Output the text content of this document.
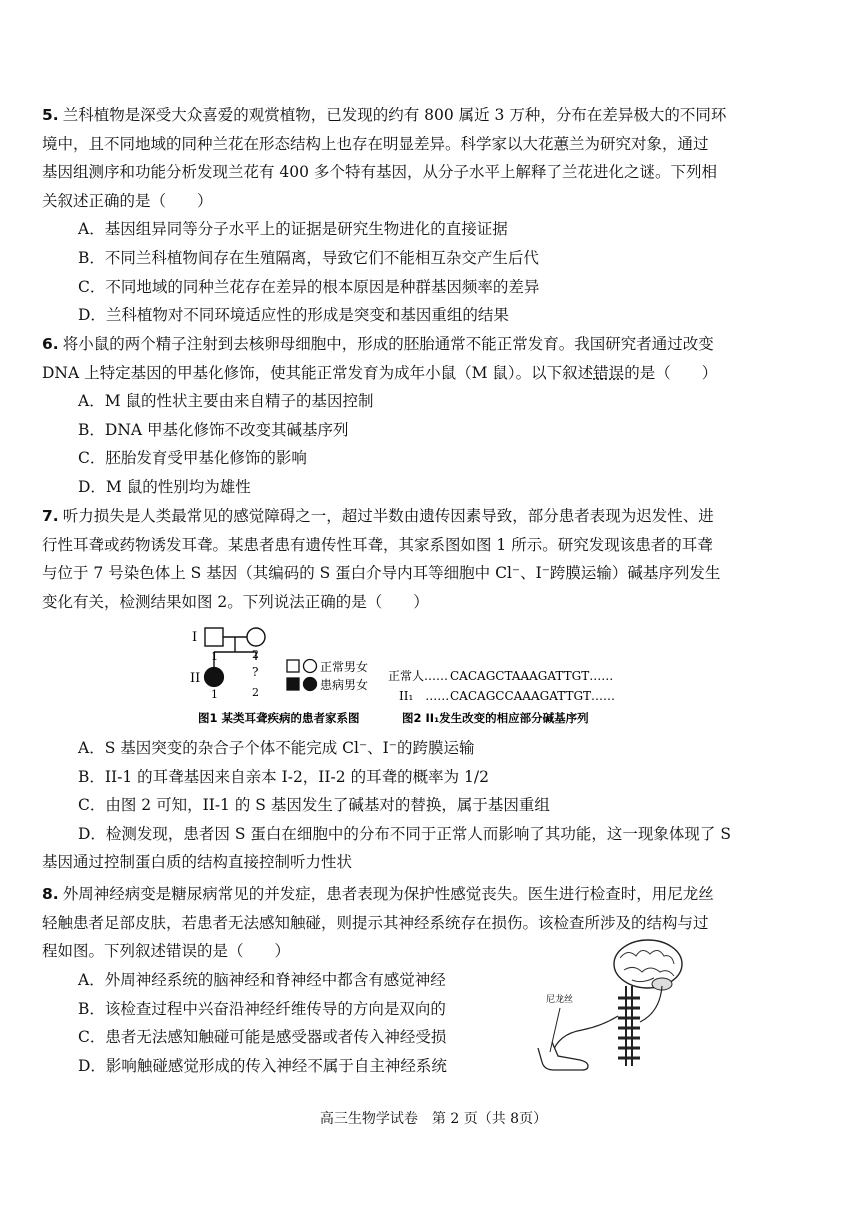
5. 兰科植物是深受大众喜爱的观赏植物，已发现的约有 800 属近 3 万种，分布在差异极大的不同环

境中，且不同地域的同种兰花在形态结构上也存在明显差异。科学家以大花蕙兰为研究对象，通过

基因组测序和功能分析发现兰花有 400 多个特有基因，从分子水平上解释了兰花进化之谜。下列相

关叙述正确的是（　　）

A．基因组异同等分子水平上的证据是研究生物进化的直接证据

B．不同兰科植物间存在生殖隔离，导致它们不能相互杂交产生后代

C．不同地域的同种兰花存在差异的根本原因是种群基因频率的差异

D．兰科植物对不同环境适应性的形成是突变和基因重组的结果

6. 将小鼠的两个精子注射到去核卵母细胞中，形成的胚胎通常不能正常发育。我国研究者通过改变

DNA 上特定基因的甲基化修饰，使其能正常发育为成年小鼠（M 鼠）。以下叙述错误的是（　　）

A．M 鼠的性状主要由来自精子的基因控制

B．DNA 甲基化修饰不改变其碱基序列

C．胚胎发育受甲基化修饰的影响

D．M 鼠的性别均为雄性

7. 听力损失是人类最常见的感觉障碍之一，超过半数由遗传因素导致，部分患者表现为迟发性、进

行性耳聋或药物诱发耳聋。某患者患有遗传性耳聋，其家系图如图 1 所示。研究发现该患者的耳聋

与位于 7 号染色体上 S 基因（其编码的 S 蛋白介导内耳等细胞中 Cl⁻、I⁻跨膜运输）碱基序列发生

变化有关，检测结果如图 2。下列说法正确的是（　　）

I
II
1	2
1
?
2
正常男女
患病男女
正常人…… CACAGCTAAAGATTGT……
II₁　…… CACAGCCAAAGATTGT……
图1 某类耳聋疾病的患者家系图	图2 II₁发生改变的相应部分碱基序列

A．S 基因突变的杂合子个体不能完成 Cl⁻、I⁻的跨膜运输

B．II-1 的耳聋基因来自亲本 I-2，II-2 的耳聋的概率为 1/2

C．由图 2 可知，II-1 的 S 基因发生了碱基对的替换，属于基因重组

D．检测发现，患者因 S 蛋白在细胞中的分布不同于正常人而影响了其功能，这一现象体现了 S

基因通过控制蛋白质的结构直接控制听力性状

8. 外周神经病变是糖尿病常见的并发症，患者表现为保护性感觉丧失。医生进行检查时，用尼龙丝

轻触患者足部皮肤，若患者无法感知触碰，则提示其神经系统存在损伤。该检查所涉及的结构与过

程如图。下列叙述错误的是（　　）

A．外周神经系统的脑神经和脊神经中都含有感觉神经

B．该检查过程中兴奋沿神经纤维传导的方向是双向的

C．患者无法感知触碰可能是感受器或者传入神经受损

D．影响触碰感觉形成的传入神经不属于自主神经系统

尼龙丝
高三生物学试卷　第 2 页（共 8页）
